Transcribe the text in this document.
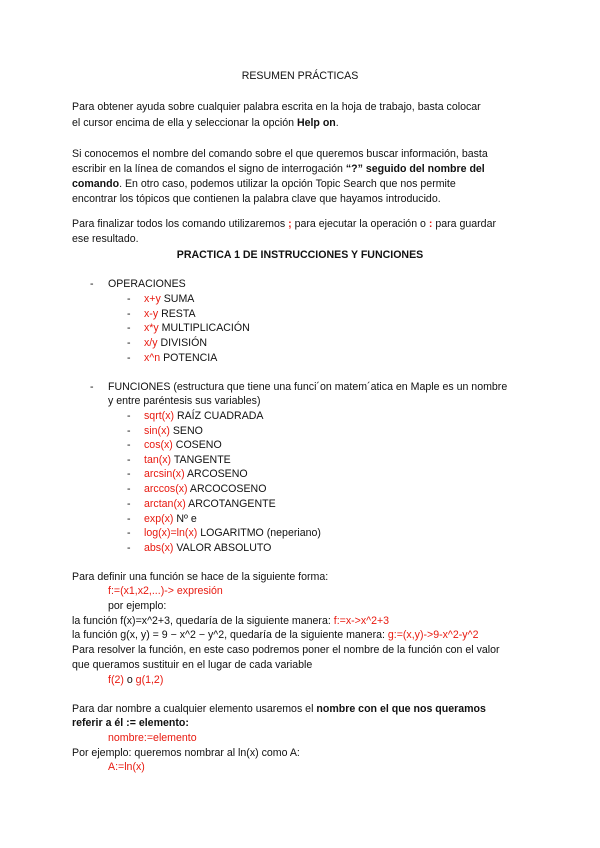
RESUMEN PRÁCTICAS
Para obtener ayuda sobre cualquier palabra escrita en la hoja de trabajo, basta colocar
el cursor encima de ella y seleccionar la opción Help on.
Si conocemos el nombre del comando sobre el que queremos buscar información, basta
escribir en la línea de comandos el signo de interrogación “?” seguido del nombre del
comando. En otro caso, podemos utilizar la opción Topic Search que nos permite
encontrar los tópicos que contienen la palabra clave que hayamos introducido.
Para finalizar todos los comando utilizaremos ; para ejecutar la operación o : para guardar
ese resultado.
PRACTICA 1 DE INSTRUCCIONES Y FUNCIONES
- OPERACIONES
- x+y SUMA
- x-y RESTA
- x*y MULTIPLICACIÓN
- x/y DIVISIÓN
- x^n POTENCIA
- FUNCIONES (estructura que tiene una funci´on matem´atica en Maple es un nombre
y entre paréntesis sus variables)
- sqrt(x) RAÍZ CUADRADA
- sin(x) SENO
- cos(x) COSENO
- tan(x) TANGENTE
- arcsin(x) ARCOSENO
- arccos(x) ARCOCOSENO
- arctan(x) ARCOTANGENTE
- exp(x) Nº e
- log(x)=ln(x) LOGARITMO (neperiano)
- abs(x) VALOR ABSOLUTO
Para definir una función se hace de la siguiente forma:
f:=(x1,x2,...)-> expresión
por ejemplo:
la función f(x)=x^2+3, quedaría de la siguiente manera: f:=x->x^2+3
la función g(x, y) = 9 − x^2 − y^2, quedaría de la siguiente manera: g:=(x,y)->9-x^2-y^2
Para resolver la función, en este caso podremos poner el nombre de la función con el valor
que queramos sustituir en el lugar de cada variable
f(2) o g(1,2)
Para dar nombre a cualquier elemento usaremos el nombre con el que nos queramos
referir a él := elemento:
nombre:=elemento
Por ejemplo: queremos nombrar al ln(x) como A:
A:=ln(x)
